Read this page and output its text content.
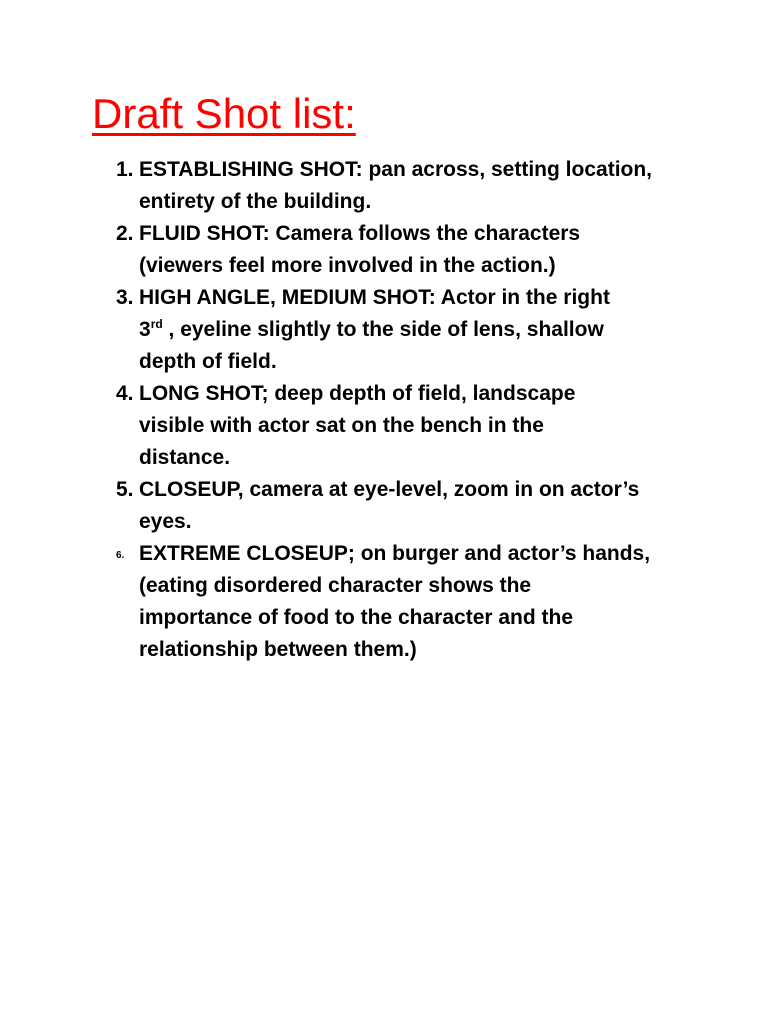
Draft Shot list:
1. ESTABLISHING SHOT: pan across, setting location,
entirety of the building.
2. FLUID SHOT: Camera follows the characters
(viewers feel more involved in the action.)
3. HIGH ANGLE, MEDIUM SHOT: Actor in the right
3rd , eyeline slightly to the side of lens, shallow
depth of field.
4. LONG SHOT; deep depth of field, landscape
visible with actor sat on the bench in the
distance.
5. CLOSEUP, camera at eye-level, zoom in on actor’s
eyes.
6. EXTREME CLOSEUP; on burger and actor’s hands,
(eating disordered character shows the
importance of food to the character and the
relationship between them.)
